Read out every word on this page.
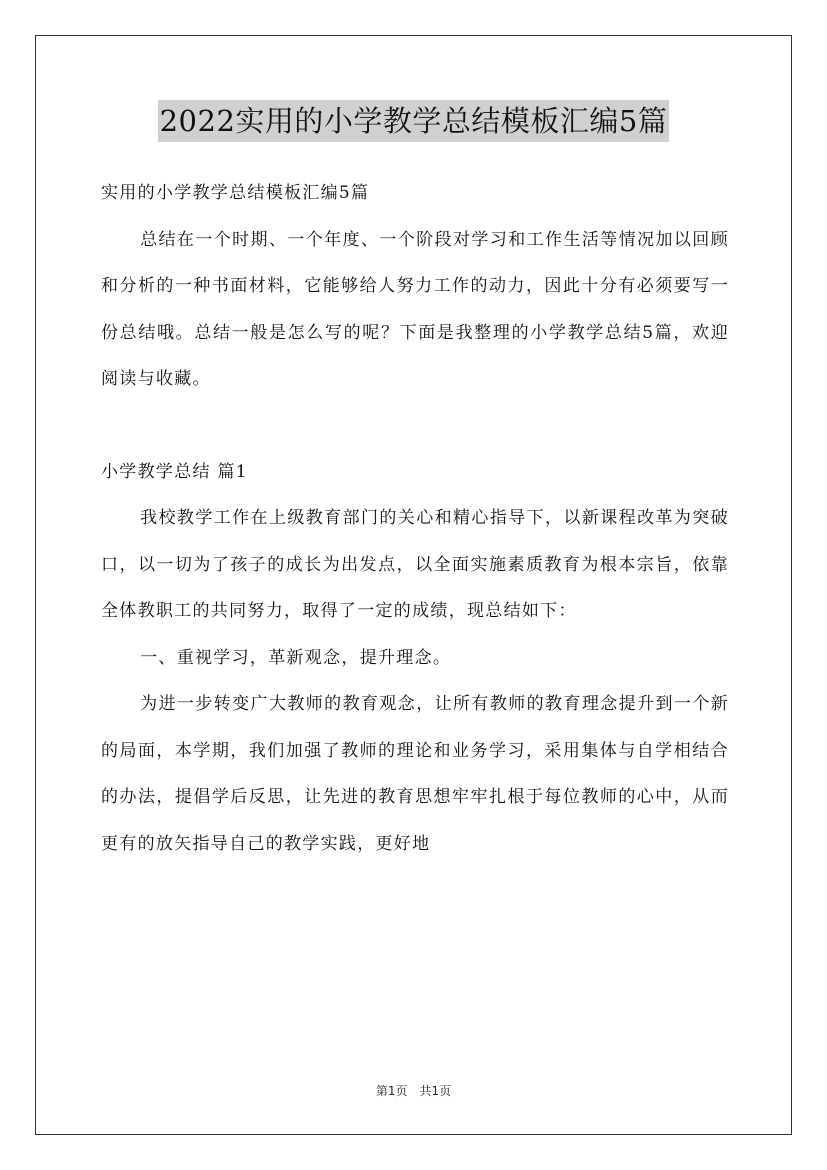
2022实用的小学教学总结模板汇编5篇

实用的小学教学总结模板汇编5篇

总结在一个时期、一个年度、一个阶段对学习和工作生活等情况加以回顾和分析的一种书面材料，它能够给人努力工作的动力，因此十分有必须要写一份总结哦。总结一般是怎么写的呢？下面是我整理的小学教学总结5篇，欢迎阅读与收藏。

小学教学总结 篇1

我校教学工作在上级教育部门的关心和精心指导下，以新课程改革为突破口，以一切为了孩子的成长为出发点，以全面实施素质教育为根本宗旨，依靠全体教职工的共同努力，取得了一定的成绩，现总结如下：

一、重视学习，革新观念，提升理念。

为进一步转变广大教师的教育观念，让所有教师的教育理念提升到一个新的局面，本学期，我们加强了教师的理论和业务学习，采用集体与自学相结合的办法，提倡学后反思，让先进的教育思想牢牢扎根于每位教师的心中，从而更有的放矢指导自己的教学实践，更好地

第1页 共1页
